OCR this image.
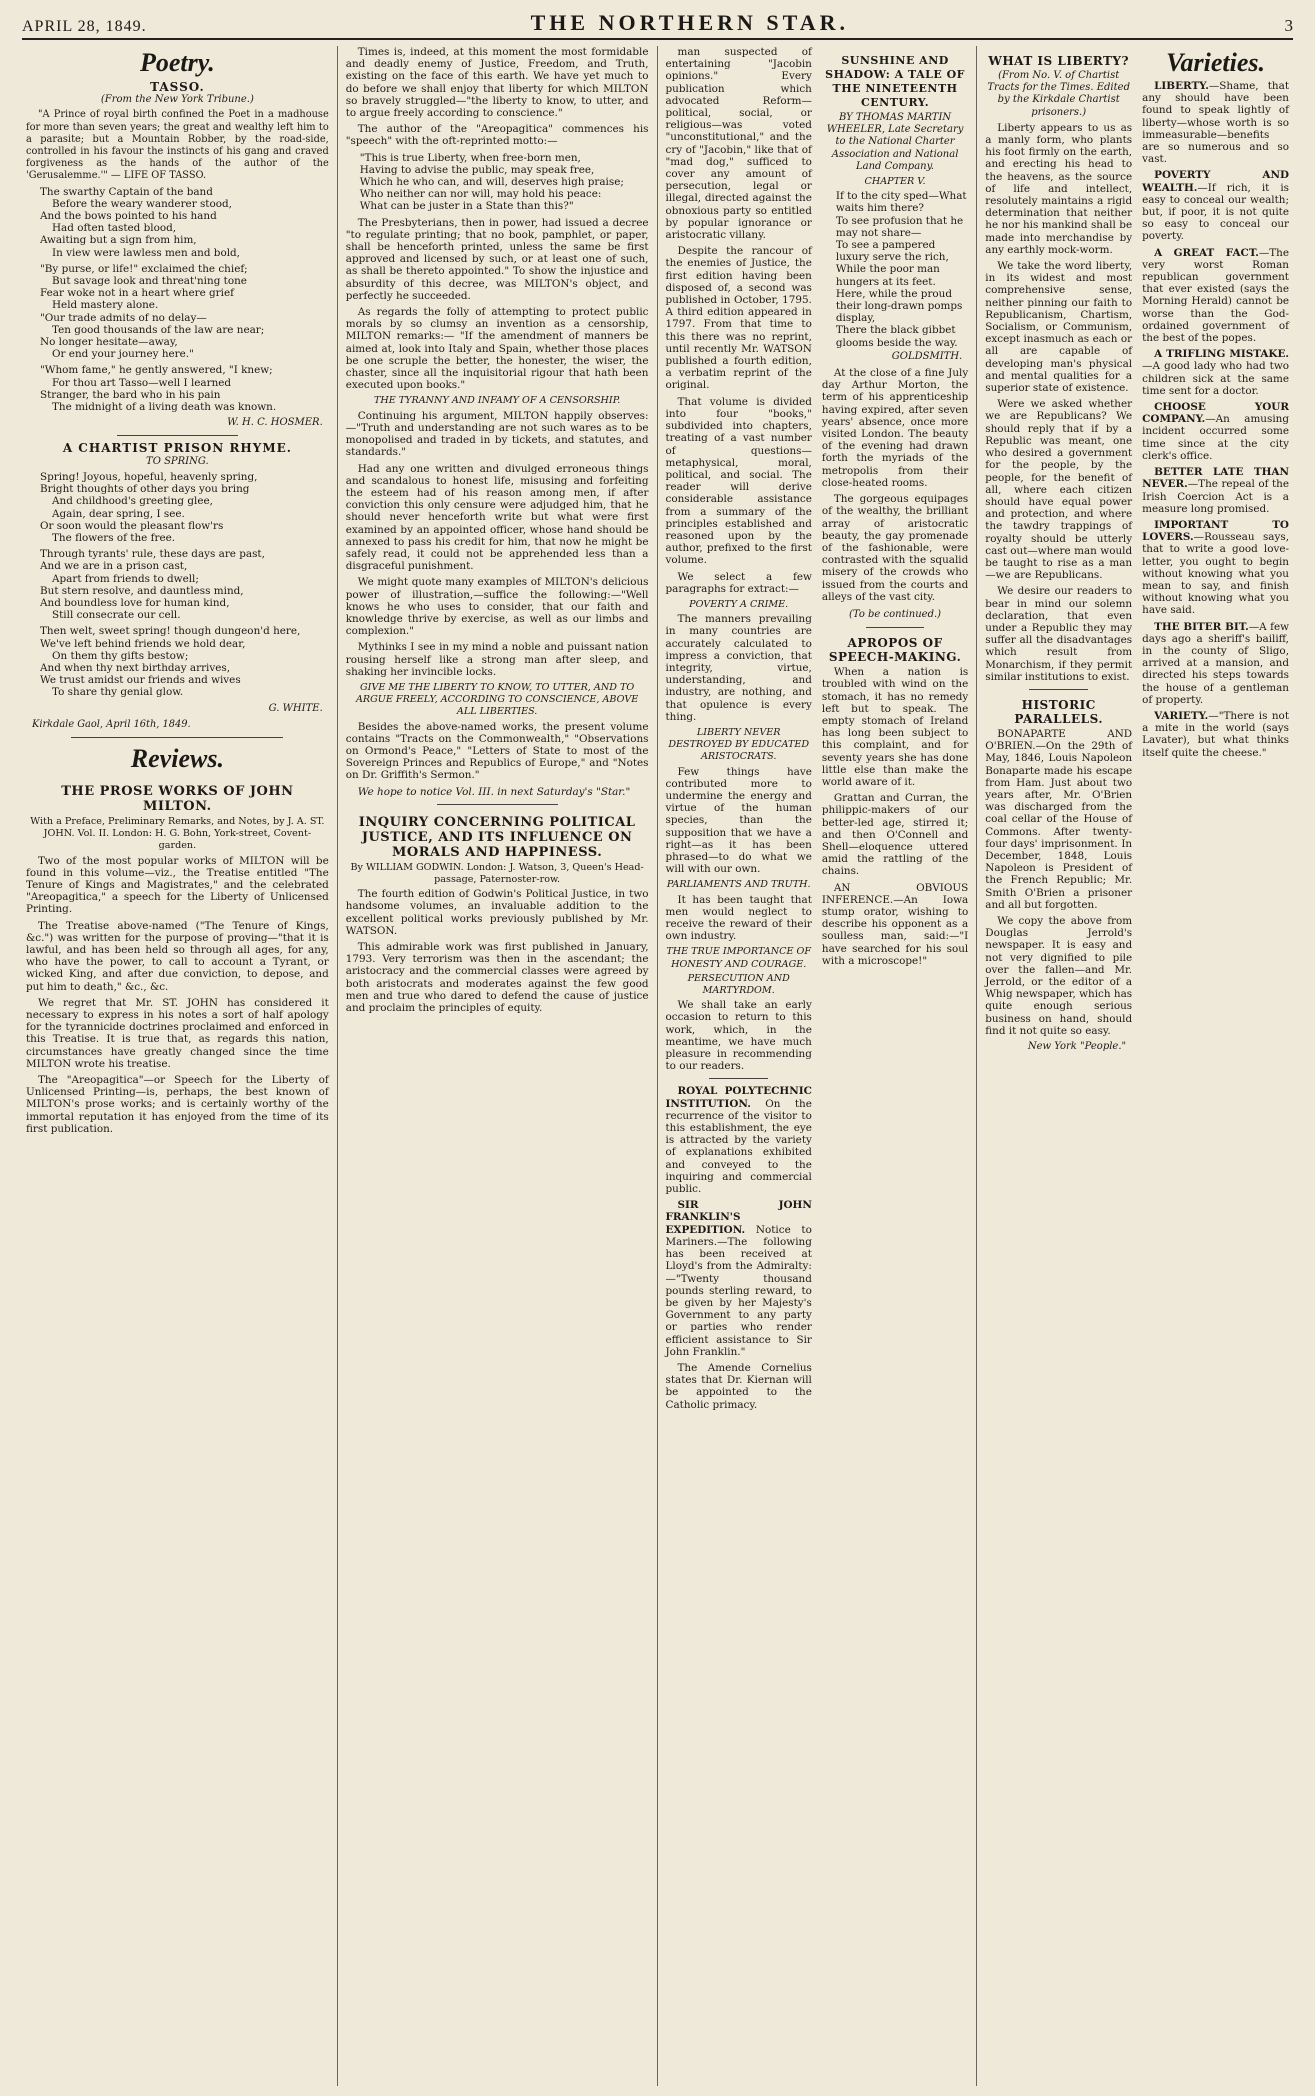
APRIL 28, 1849.	THE NORTHERN STAR.	3
Poetry.
TASSO.
(From the New York Tribune.)

"A Prince of royal birth confined the Poet in a madhouse for more than seven years; the great and wealthy left him to a parasite; but a Mountain Robber, by the road-side, controlled in his favour the instincts of his gang and craved forgiveness as the hands of the author of the 'Gerusalemme.'" — LIFE OF TASSO.

The swarthy Captain of the band

Before the weary wanderer stood,

And the bows pointed to his hand

Had often tasted blood,

Awaiting but a sign from him,

In view were lawless men and bold,

"By purse, or life!" exclaimed the chief;

But savage look and threat'ning tone

Fear woke not in a heart where grief

Held mastery alone.

"Our trade admits of no delay—

Ten good thousands of the law are near;

No longer hesitate—away,

Or end your journey here."

"Whom fame," he gently answered, "I knew;

For thou art Tasso—well I learned

Stranger, the bard who in his pain

The midnight of a living death was known.

W. H. C. HOSMER.
A CHARTIST PRISON RHYME.
TO SPRING.

Spring! Joyous, hopeful, heavenly spring,

Bright thoughts of other days you bring

And childhood's greeting glee,

Again, dear spring, I see.

Or soon would the pleasant flow'rs

The flowers of the free.

Through tyrants' rule, these days are past,

And we are in a prison cast,

Apart from friends to dwell;

But stern resolve, and dauntless mind,

And boundless love for human kind,

Still consecrate our cell.

Then welt, sweet spring! though dungeon'd here,

We've left behind friends we hold dear,

On them thy gifts bestow;

And when thy next birthday arrives,

We trust amidst our friends and wives

To share thy genial glow.

G. WHITE.
Kirkdale Gaol, April 16th, 1849.
Reviews.
THE PROSE WORKS OF JOHN MILTON.
With a Preface, Preliminary Remarks, and Notes, by J. A. ST. JOHN. Vol. II. London: H. G. Bohn, York-street, Covent-garden.

Two of the most popular works of MILTON will be found in this volume—viz., the Treatise entitled "The Tenure of Kings and Magistrates," and the celebrated "Areopagitica," a speech for the Liberty of Unlicensed Printing.

The Treatise above-named ("The Tenure of Kings, &c.") was written for the purpose of proving—"that it is lawful, and has been held so through all ages, for any, who have the power, to call to account a Tyrant, or wicked King, and after due conviction, to depose, and put him to death," &c., &c.

We regret that Mr. ST. JOHN has considered it necessary to express in his notes a sort of half apology for the tyrannicide doctrines proclaimed and enforced in this Treatise. It is true that, as regards this nation, circumstances have greatly changed since the time MILTON wrote his treatise.

The "Areopagitica"—or Speech for the Liberty of Unlicensed Printing—is, perhaps, the best known of MILTON's prose works; and is certainly worthy of the immortal reputation it has enjoyed from the time of its first publication.

Times is, indeed, at this moment the most formidable and deadly enemy of Justice, Freedom, and Truth, existing on the face of this earth. We have yet much to do before we shall enjoy that liberty for which MILTON so bravely struggled—"the liberty to know, to utter, and to argue freely according to conscience."

The author of the "Areopagitica" commences his "speech" with the oft-reprinted motto:—

"This is true Liberty, when free-born men,

Having to advise the public, may speak free,

Which he who can, and will, deserves high praise;

Who neither can nor will, may hold his peace:

What can be juster in a State than this?"

The Presbyterians, then in power, had issued a decree "to regulate printing; that no book, pamphlet, or paper, shall be henceforth printed, unless the same be first approved and licensed by such, or at least one of such, as shall be thereto appointed." To show the injustice and absurdity of this decree, was MILTON's object, and perfectly he succeeded.

As regards the folly of attempting to protect public morals by so clumsy an invention as a censorship, MILTON remarks:— "If the amendment of manners be aimed at, look into Italy and Spain, whether those places be one scruple the better, the honester, the wiser, the chaster, since all the inquisitorial rigour that hath been executed upon books."

THE TYRANNY AND INFAMY OF A CENSORSHIP.

Continuing his argument, MILTON happily observes:—"Truth and understanding are not such wares as to be monopolised and traded in by tickets, and statutes, and standards."

Had any one written and divulged erroneous things and scandalous to honest life, misusing and forfeiting the esteem had of his reason among men, if after conviction this only censure were adjudged him, that he should never henceforth write but what were first examined by an appointed officer, whose hand should be annexed to pass his credit for him, that now he might be safely read, it could not be apprehended less than a disgraceful punishment.

We might quote many examples of MILTON's delicious power of illustration,—suffice the following:—"Well knows he who uses to consider, that our faith and knowledge thrive by exercise, as well as our limbs and complexion."

Mythinks I see in my mind a noble and puissant nation rousing herself like a strong man after sleep, and shaking her invincible locks.

GIVE ME THE LIBERTY TO KNOW, TO UTTER, AND TO ARGUE FREELY, ACCORDING TO CONSCIENCE, ABOVE ALL LIBERTIES.

Besides the above-named works, the present volume contains "Tracts on the Commonwealth," "Observations on Ormond's Peace," "Letters of State to most of the Sovereign Princes and Republics of Europe," and "Notes on Dr. Griffith's Sermon."

We hope to notice Vol. III. in next Saturday's "Star."

INQUIRY CONCERNING POLITICAL JUSTICE, AND ITS INFLUENCE ON MORALS AND HAPPINESS.
By WILLIAM GODWIN. London: J. Watson, 3, Queen's Head-passage, Paternoster-row.

The fourth edition of Godwin's Political Justice, in two handsome volumes, an invaluable addition to the excellent political works previously published by Mr. WATSON.

This admirable work was first published in January, 1793. Very terrorism was then in the ascendant; the aristocracy and the commercial classes were agreed by both aristocrats and moderates against the few good men and true who dared to defend the cause of justice and proclaim the principles of equity.

man suspected of entertaining "Jacobin opinions." Every publication which advocated Reform—political, social, or religious—was voted "unconstitutional," and the cry of "Jacobin," like that of "mad dog," sufficed to cover any amount of persecution, legal or illegal, directed against the obnoxious party so entitled by popular ignorance or aristocratic villany.

Despite the rancour of the enemies of Justice, the first edition having been disposed of, a second was published in October, 1795. A third edition appeared in 1797. From that time to this there was no reprint, until recently Mr. WATSON published a fourth edition, a verbatim reprint of the original.

That volume is divided into four "books," subdivided into chapters, treating of a vast number of questions—metaphysical, moral, political, and social. The reader will derive considerable assistance from a summary of the principles established and reasoned upon by the author, prefixed to the first volume.

We select a few paragraphs for extract:—

POVERTY A CRIME.

The manners prevailing in many countries are accurately calculated to impress a conviction, that integrity, virtue, understanding, and industry, are nothing, and that opulence is every thing.

LIBERTY NEVER DESTROYED BY EDUCATED ARISTOCRATS.

Few things have contributed more to undermine the energy and virtue of the human species, than the supposition that we have a right—as it has been phrased—to do what we will with our own.

PARLIAMENTS AND TRUTH.

It has been taught that men would neglect to receive the reward of their own industry.

THE TRUE IMPORTANCE OF HONESTY AND COURAGE.
PERSECUTION AND MARTYRDOM.

We shall take an early occasion to return to this work, which, in the meantime, we have much pleasure in recommending to our readers.

ROYAL POLYTECHNIC INSTITUTION. On the recurrence of the visitor to this establishment, the eye is attracted by the variety of explanations exhibited and conveyed to the inquiring and commercial public.

SIR JOHN FRANKLIN'S EXPEDITION. Notice to Mariners.—The following has been received at Lloyd's from the Admiralty:—"Twenty thousand pounds sterling reward, to be given by her Majesty's Government to any party or parties who render efficient assistance to Sir John Franklin."

The Amende Cornelius states that Dr. Kiernan will be appointed to the Catholic primacy.

SUNSHINE AND SHADOW: A TALE OF THE NINETEENTH CENTURY.
BY THOMAS MARTIN WHEELER, Late Secretary to the National Charter Association and National Land Company.
CHAPTER V.

If to the city sped—What waits him there?

To see profusion that he may not share—

To see a pampered luxury serve the rich,

While the poor man hungers at its feet.

Here, while the proud their long-drawn pomps display,

There the black gibbet glooms beside the way.

GOLDSMITH.

At the close of a fine July day Arthur Morton, the term of his apprenticeship having expired, after seven years' absence, once more visited London. The beauty of the evening had drawn forth the myriads of the metropolis from their close-heated rooms.

The gorgeous equipages of the wealthy, the brilliant array of aristocratic beauty, the gay promenade of the fashionable, were contrasted with the squalid misery of the crowds who issued from the courts and alleys of the vast city.

(To be continued.)
APROPOS OF SPEECH-MAKING.

When a nation is troubled with wind on the stomach, it has no remedy left but to speak. The empty stomach of Ireland has long been subject to this complaint, and for seventy years she has done little else than make the world aware of it.

Grattan and Curran, the philippic-makers of our better-led age, stirred it; and then O'Connell and Shell—eloquence uttered amid the rattling of the chains.

AN OBVIOUS INFERENCE.—An Iowa stump orator, wishing to describe his opponent as a soulless man, said:—"I have searched for his soul with a microscope!"

WHAT IS LIBERTY?
(From No. V. of Chartist Tracts for the Times. Edited by the Kirkdale Chartist prisoners.)

Liberty appears to us as a manly form, who plants his foot firmly on the earth, and erecting his head to the heavens, as the source of life and intellect, resolutely maintains a rigid determination that neither he nor his mankind shall be made into merchandise by any earthly mock-worm.

We take the word liberty, in its widest and most comprehensive sense, neither pinning our faith to Republicanism, Chartism, Socialism, or Communism, except inasmuch as each or all are capable of developing man's physical and mental qualities for a superior state of existence.

Were we asked whether we are Republicans? We should reply that if by a Republic was meant, one who desired a government for the people, by the people, for the benefit of all, where each citizen should have equal power and protection, and where the tawdry trappings of royalty should be utterly cast out—where man would be taught to rise as a man—we are Republicans.

We desire our readers to bear in mind our solemn declaration, that even under a Republic they may suffer all the disadvantages which result from Monarchism, if they permit similar institutions to exist.

HISTORIC PARALLELS.

BONAPARTE AND O'BRIEN.—On the 29th of May, 1846, Louis Napoleon Bonaparte made his escape from Ham. Just about two years after, Mr. O'Brien was discharged from the coal cellar of the House of Commons. After twenty-four days' imprisonment. In December, 1848, Louis Napoleon is President of the French Republic; Mr. Smith O'Brien a prisoner and all but forgotten.

We copy the above from Douglas Jerrold's newspaper. It is easy and not very dignified to pile over the fallen—and Mr. Jerrold, or the editor of a Whig newspaper, which has quite enough serious business on hand, should find it not quite so easy.

New York "People."
Varieties.

LIBERTY.—Shame, that any should have been found to speak lightly of liberty—whose worth is so immeasurable—benefits are so numerous and so vast.

POVERTY AND WEALTH.—If rich, it is easy to conceal our wealth; but, if poor, it is not quite so easy to conceal our poverty.

A GREAT FACT.—The very worst Roman republican government that ever existed (says the Morning Herald) cannot be worse than the God-ordained government of the best of the popes.

A TRIFLING MISTAKE.—A good lady who had two children sick at the same time sent for a doctor.

CHOOSE YOUR COMPANY.—An amusing incident occurred some time since at the city clerk's office.

BETTER LATE THAN NEVER.—The repeal of the Irish Coercion Act is a measure long promised.

IMPORTANT TO LOVERS.—Rousseau says, that to write a good love-letter, you ought to begin without knowing what you mean to say, and finish without knowing what you have said.

THE BITER BIT.—A few days ago a sheriff's bailiff, in the county of Sligo, arrived at a mansion, and directed his steps towards the house of a gentleman of property.

VARIETY.—"There is not a mite in the world (says Lavater), but what thinks itself quite the cheese."
